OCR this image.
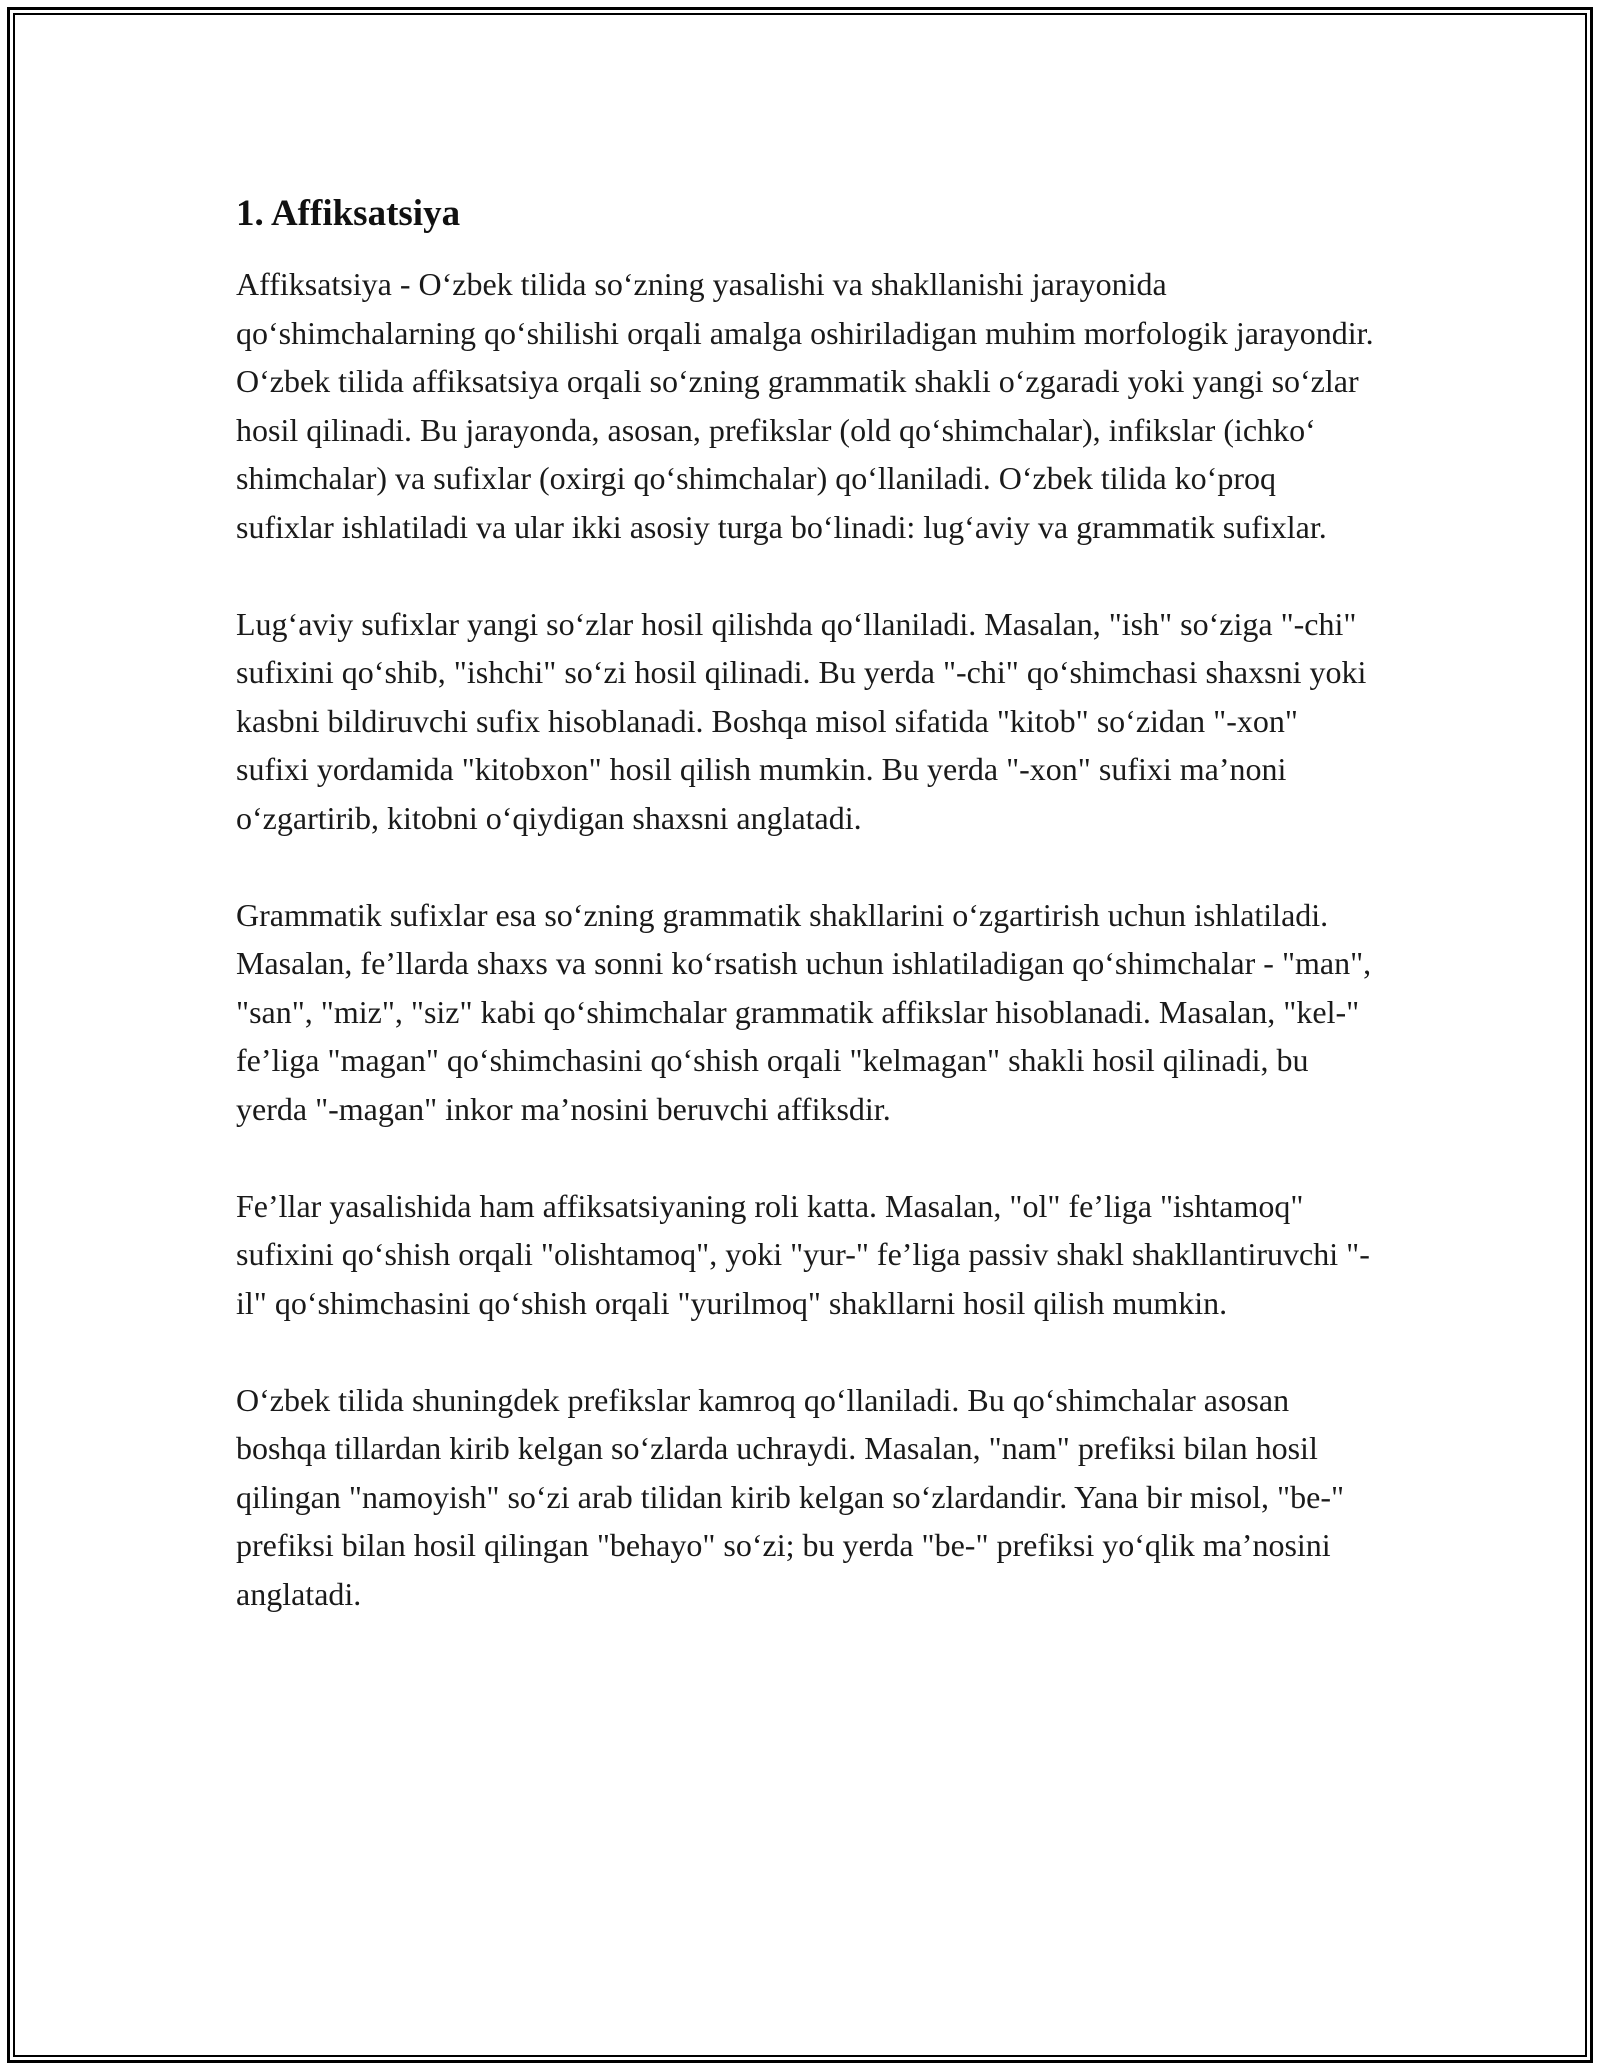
1. Affiksatsiya

Affiksatsiya - O‘zbek tilida so‘zning yasalishi va shakllanishi jarayonida qo‘shimchalarning qo‘shilishi orqali amalga oshiriladigan muhim morfologik jarayondir. O‘zbek tilida affiksatsiya orqali so‘zning grammatik shakli o‘zgaradi yoki yangi so‘zlar hosil qilinadi. Bu jarayonda, asosan, prefikslar (old qo‘shimchalar), infikslar (ichko‘ shimchalar) va sufixlar (oxirgi qo‘shimchalar) qo‘llaniladi. O‘zbek tilida ko‘proq sufixlar ishlatiladi va ular ikki asosiy turga bo‘linadi: lug‘aviy va grammatik sufixlar.

Lug‘aviy sufixlar yangi so‘zlar hosil qilishda qo‘llaniladi. Masalan, "ish" so‘ziga "-chi" sufixini qo‘shib, "ishchi" so‘zi hosil qilinadi. Bu yerda "-chi" qo‘shimchasi shaxsni yoki kasbni bildiruvchi sufix hisoblanadi. Boshqa misol sifatida "kitob" so‘zidan "-xon" sufixi yordamida "kitobxon" hosil qilish mumkin. Bu yerda "-xon" sufixi ma’noni o‘zgartirib, kitobni o‘qiydigan shaxsni anglatadi.

Grammatik sufixlar esa so‘zning grammatik shakllarini o‘zgartirish uchun ishlatiladi. Masalan, fe’llarda shaxs va sonni ko‘rsatish uchun ishlatiladigan qo‘shimchalar - "man", "san", "miz", "siz" kabi qo‘shimchalar grammatik affikslar hisoblanadi. Masalan, "kel-" fe’liga "magan" qo‘shimchasini qo‘shish orqali "kelmagan" shakli hosil qilinadi, bu yerda "-magan" inkor ma’nosini beruvchi affiksdir.

Fe’llar yasalishida ham affiksatsiyaning roli katta. Masalan, "ol" fe’liga "ishtamoq" sufixini qo‘shish orqali "olishtamoq", yoki "yur-" fe’liga passiv shakl shakllantiruvchi "-il" qo‘shimchasini qo‘shish orqali "yurilmoq" shakllarni hosil qilish mumkin.

O‘zbek tilida shuningdek prefikslar kamroq qo‘llaniladi. Bu qo‘shimchalar asosan boshqa tillardan kirib kelgan so‘zlarda uchraydi. Masalan, "nam" prefiksi bilan hosil qilingan "namoyish" so‘zi arab tilidan kirib kelgan so‘zlardandir. Yana bir misol, "be-" prefiksi bilan hosil qilingan "behayo" so‘zi; bu yerda "be-" prefiksi yo‘qlik ma’nosini anglatadi.
